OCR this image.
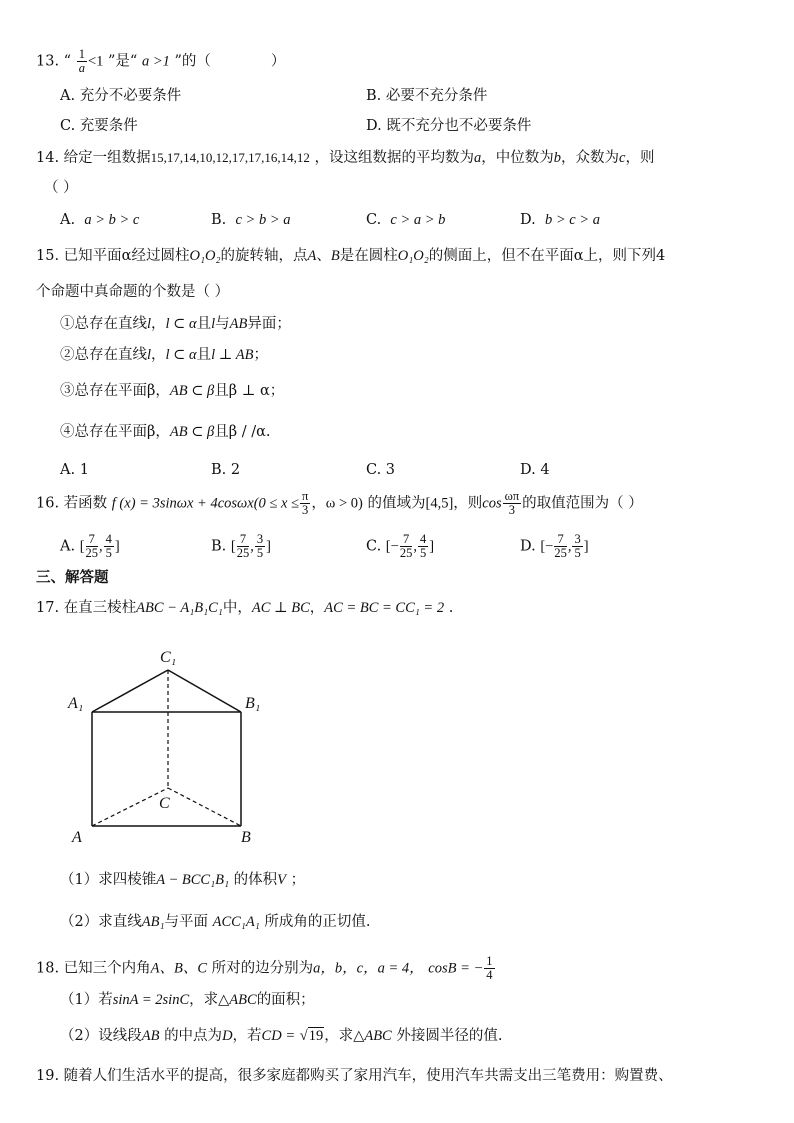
13. “ $\frac{1}{a} <1$ ”是“ a >1 ”的（	）
A. 充分不必要条件	B. 必要不充分条件
C. 充要条件	D. 既不充分也不必要条件
14. 给定一组数据15,17,14,10,12,17,17,16,14,12 ，设这组数据的平均数为a，中位数为b，众数为c，则
（ ）
A. a > b > c	B. c > b > a	C. c > a > b	D. b > c > a
15. 已知平面α经过圆柱O₁O₂的旋转轴，点A、B是在圆柱O₁O₂的侧面上，但不在平面α上，则下列4
个命题中真命题的个数是（ ）
①总存在直线l，l ⊂ α且l与AB异面；
②总存在直线l，l ⊂ α且l ⊥ AB；
③总存在平面β，AB ⊂ β且β ⊥ α；
④总存在平面β，AB ⊂ β且β / /α.
A. 1	B. 2	C. 3	D. 4
16. 若函数 f $(x) = 3\sin\omega x + 4\cos\omega x(0 \le x \le \frac{\pi}{3}$ ，ω > 0) 的值域为[4,5]，则$\cos \frac{\omega\pi}{3}$ 的取值范围为（ ）
A. [ $\frac{7}{25}$ , $\frac{4}{5}$ ]	B. [ $\frac{7}{25}$ , $\frac{3}{5}$ ]	C. [− $\frac{7}{25}$ , $\frac{4}{5}$ ]	D. [− $\frac{7}{25}$ , $\frac{3}{5}$ ]
三、解答题
17. 在直三棱柱ABC − A₁B₁C₁中，AC ⊥ BC，AC = BC = CC₁ = 2 .
C₁
A₁	B₁
C
A	B
（1）求四棱锥A − BCC₁B₁ 的体积V ；
（2）求直线AB₁与平面 ACC₁A₁ 所成角的正切值.
18. 已知三个内角A、B、C 所对的边分别为a，b，c，a = 4， cosB = − $\frac{1}{4}$
（1）若sinA = 2sinC，求△ABC的面积；
（2）设线段AB 的中点为D，若CD = √19，求△ABC 外接圆半径的值.
19. 随着人们生活水平的提高，很多家庭都购买了家用汽车，使用汽车共需支出三笔费用：购置费、
